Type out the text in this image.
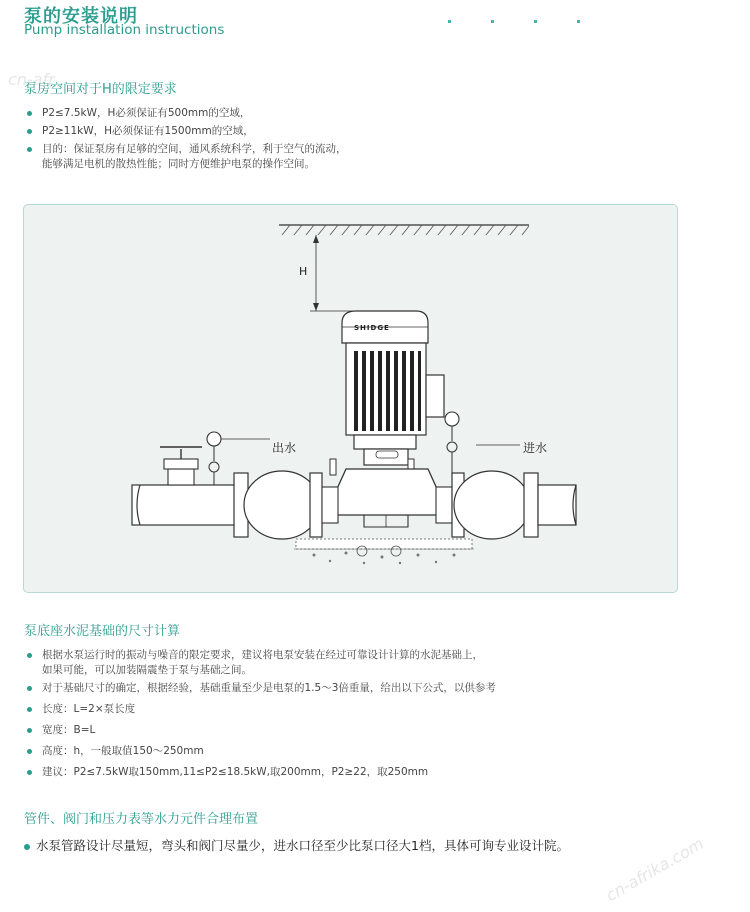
泵的安装说明
Pump installation instructions
cn-afr
泵房空间对于H的限定要求
P2≤7.5kW，H必须保证有500mm的空域，
P2≥11kW，H必须保证有1500mm的空域，
目的：保证泵房有足够的空间，通风系统科学，利于空气的流动，
能够满足电机的散热性能；同时方便维护电泵的操作空间。
H
SHIDGE
出水	进水
泵底座水泥基础的尺寸计算
根据水泵运行时的振动与噪音的限定要求，建议将电泵安装在经过可靠设计计算的水泥基础上，
如果可能，可以加装隔震垫于泵与基础之间。
对于基础尺寸的确定，根据经验，基础重量至少是电泵的1.5～3倍重量，给出以下公式，以供参考
长度：L=2×泵长度
宽度：B=L
高度：h，一般取值150～250mm
建议：P2≤7.5kW取150mm,11≤P2≤18.5kW,取200mm，P2≥22，取250mm
管件、阀门和压力表等水力元件合理布置
水泵管路设计尽量短，弯头和阀门尽量少，进水口径至少比泵口径大1档，具体可询专业设计院。 cn-afrika.com
